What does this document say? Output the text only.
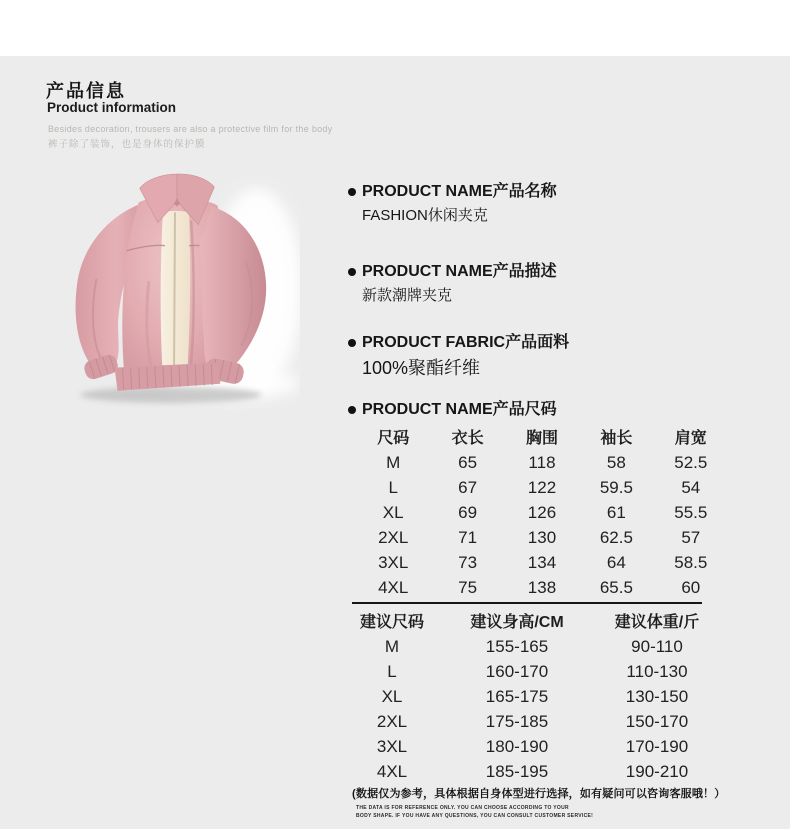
产品信息
Product information
Besides decoration, trousers are also a protective film for the body
裤子除了装饰，也是身体的保护膜
PRODUCT NAME产品名称
FASHION休闲夹克
PRODUCT NAME产品描述
新款潮牌夹克
PRODUCT FABRIC产品面料
100%聚酯纤维
PRODUCT NAME产品尺码
尺码	衣长	胸围	袖长	肩宽
M	65	118	58	52.5
L	67	122	59.5	54
XL	69	126	61	55.5
2XL	71	130	62.5	57
3XL	73	134	64	58.5
4XL	75	138	65.5	60
建议尺码	建议身高/CM	建议体重/斤
M	155-165	90-110
L	160-170	110-130
XL	165-175	130-150
2XL	175-185	150-170
3XL	180-190	170-190
4XL	185-195	190-210
(数据仅为参考，具体根据自身体型进行选择，如有疑问可以咨询客服哦！）
THE DATA IS FOR REFERENCE ONLY. YOU CAN CHOOSE ACCORDING TO YOUR
BODY SHAPE. IF YOU HAVE ANY QUESTIONS, YOU CAN CONSULT CUSTOMER SERVICE!
